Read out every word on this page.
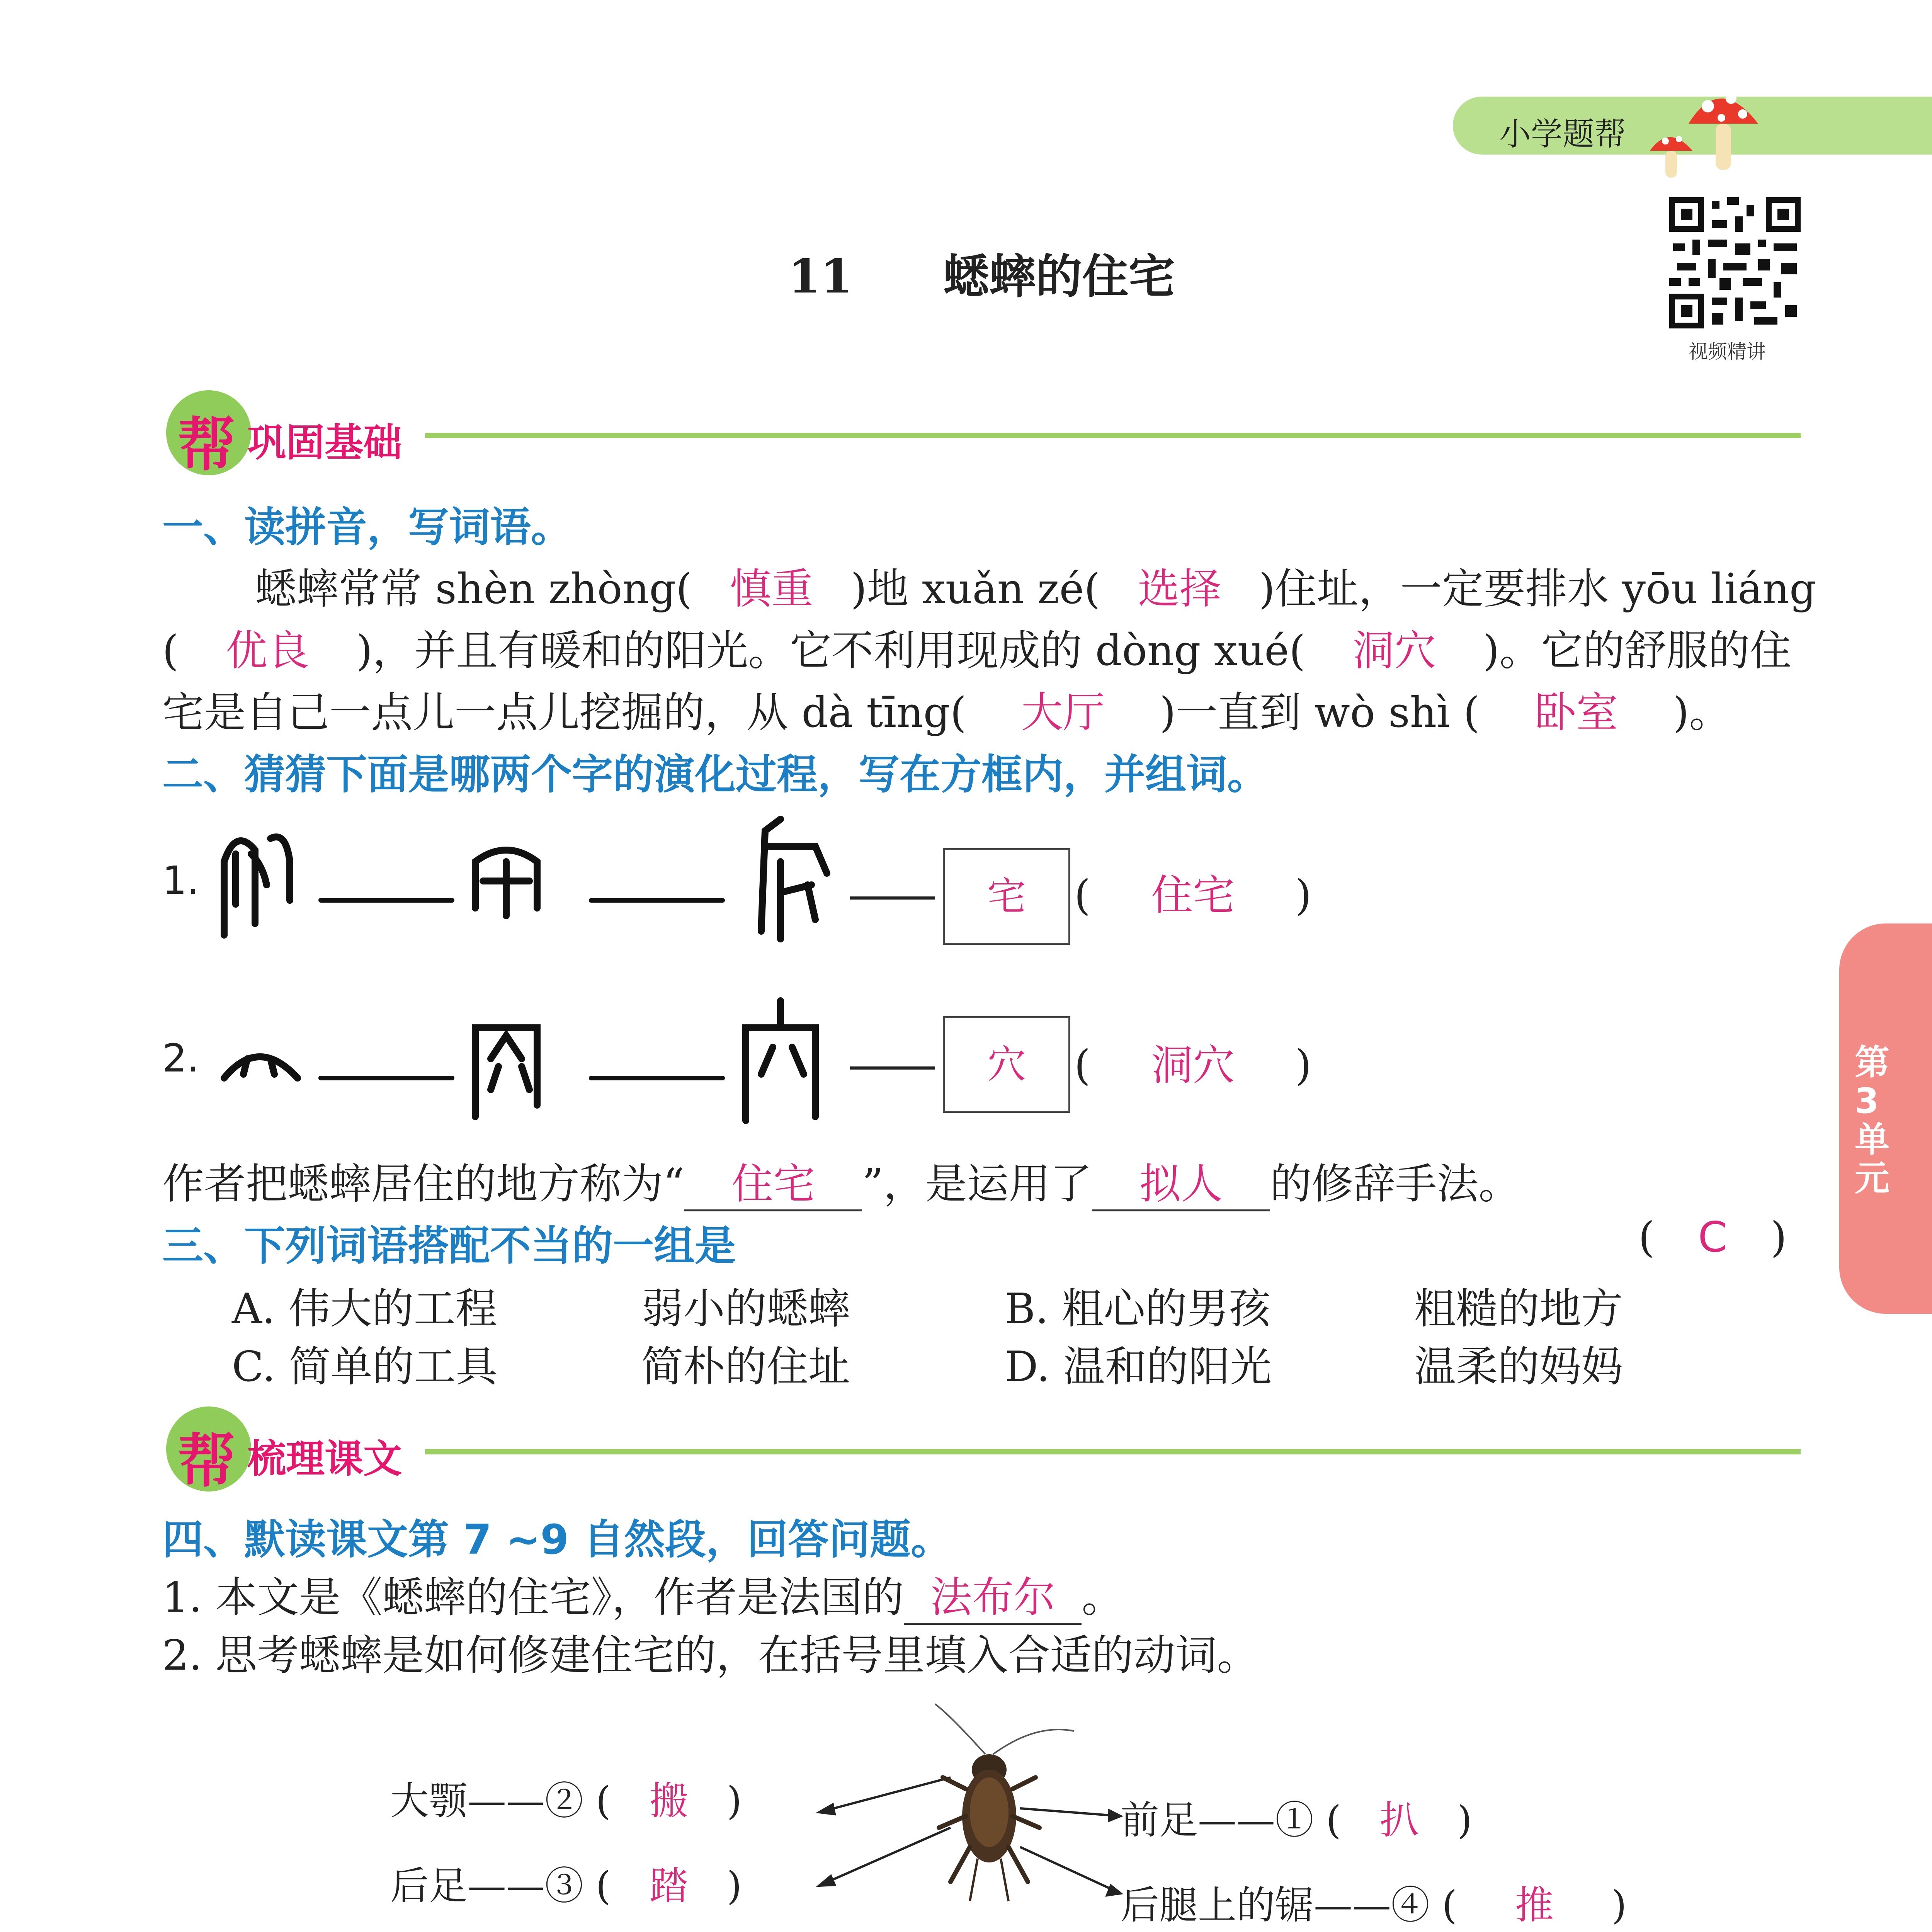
小学题帮
视频精讲
第3单元
11 蟋蟀的住宅
帮 巩固基础
一、读拼音，写词语。
蟋蟀常常 shèn zhòng( 慎重 )地 xuǎn zé( 选择 )住址，一定要排水 yōu liáng
( 优良 )，并且有暖和的阳光。它不利用现成的 dòng xué( 洞穴 )。它的舒服的住
宅是自己一点儿一点儿挖掘的，从 dà tīng( 大厅 )一直到 wò shì ( 卧室 )。
二、猜猜下面是哪两个字的演化过程，写在方框内，并组词。
1.	宅	( 住宅 )
2.	穴	( 洞穴 )
作者把蟋蟀居住的地方称为“ 住宅 ”，是运用了 拟人 的修辞手法。
三、下列词语搭配不当的一组是	( C )
A. 伟大的工程	弱小的蟋蟀	B. 粗心的男孩	粗糙的地方
C. 简单的工具	简朴的住址	D. 温和的阳光	温柔的妈妈
帮 梳理课文
四、默读课文第 7 ~9 自然段，回答问题。
1. 本文是《蟋蟀的住宅》，作者是法国的 法布尔 。
2. 思考蟋蟀是如何修建住宅的，在括号里填入合适的动词。
大颚——② ( 搬 )
后足——③ ( 踏 )
前足——① ( 扒 )
后腿上的锯——④ ( 推 )
